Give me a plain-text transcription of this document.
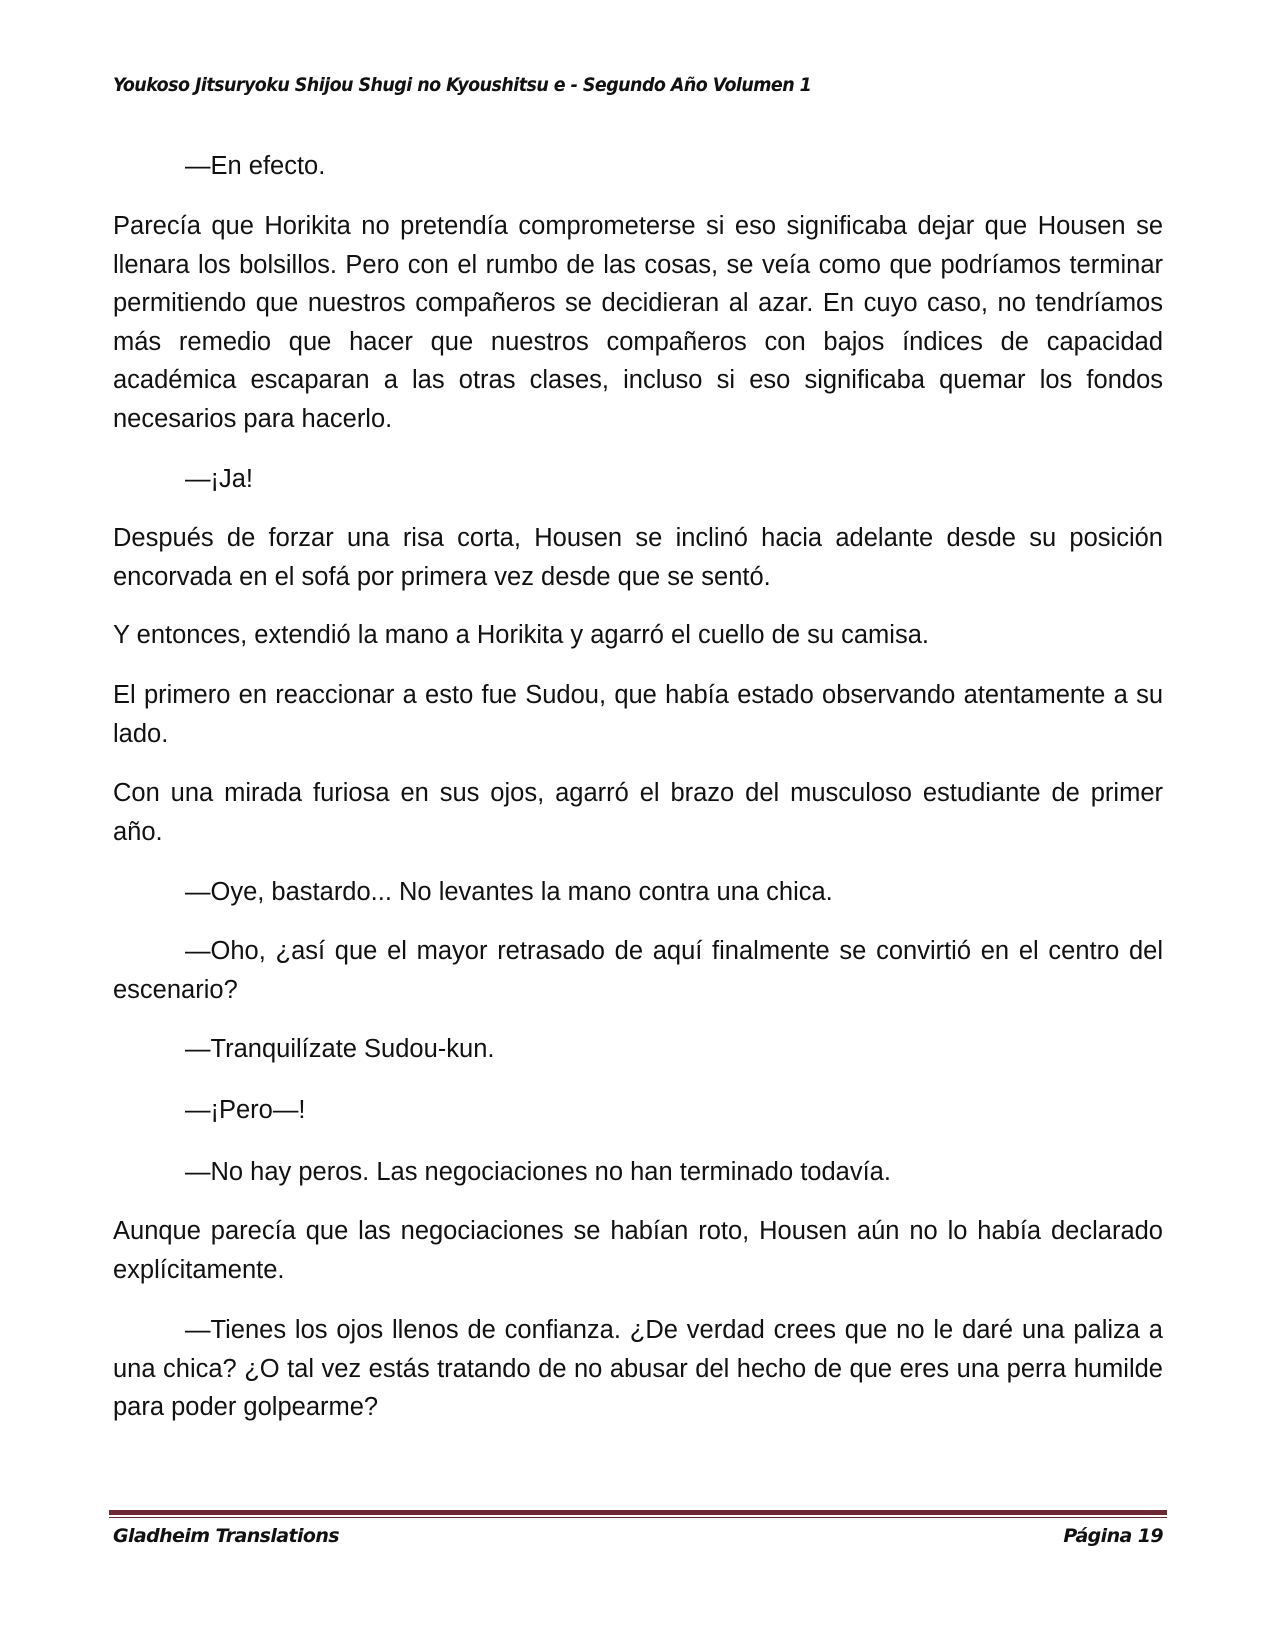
Youkoso Jitsuryoku Shijou Shugi no Kyoushitsu e - Segundo Año Volumen 1
—En efecto.
Parecía que Horikita no pretendía comprometerse si eso significaba dejar que Housen se llenara los bolsillos. Pero con el rumbo de las cosas, se veía como que podríamos terminar permitiendo que nuestros compañeros se decidieran al azar. En cuyo caso, no tendríamos más remedio que hacer que nuestros compañeros con bajos índices de capacidad académica escaparan a las otras clases, incluso si eso significaba quemar los fondos necesarios para hacerlo.
—¡Ja!
Después de forzar una risa corta, Housen se inclinó hacia adelante desde su posición encorvada en el sofá por primera vez desde que se sentó.
Y entonces, extendió la mano a Horikita y agarró el cuello de su camisa.
El primero en reaccionar a esto fue Sudou, que había estado observando atentamente a su lado.
Con una mirada furiosa en sus ojos, agarró el brazo del musculoso estudiante de primer año.
—Oye, bastardo... No levantes la mano contra una chica.
—Oho, ¿así que el mayor retrasado de aquí finalmente se convirtió en el centro del escenario?
—Tranquilízate Sudou-kun.
—¡Pero—!
—No hay peros. Las negociaciones no han terminado todavía.
Aunque parecía que las negociaciones se habían roto, Housen aún no lo había declarado explícitamente.
—Tienes los ojos llenos de confianza. ¿De verdad crees que no le daré una paliza a una chica? ¿O tal vez estás tratando de no abusar del hecho de que eres una perra humilde para poder golpearme?
Gladheim Translations	Página 19
